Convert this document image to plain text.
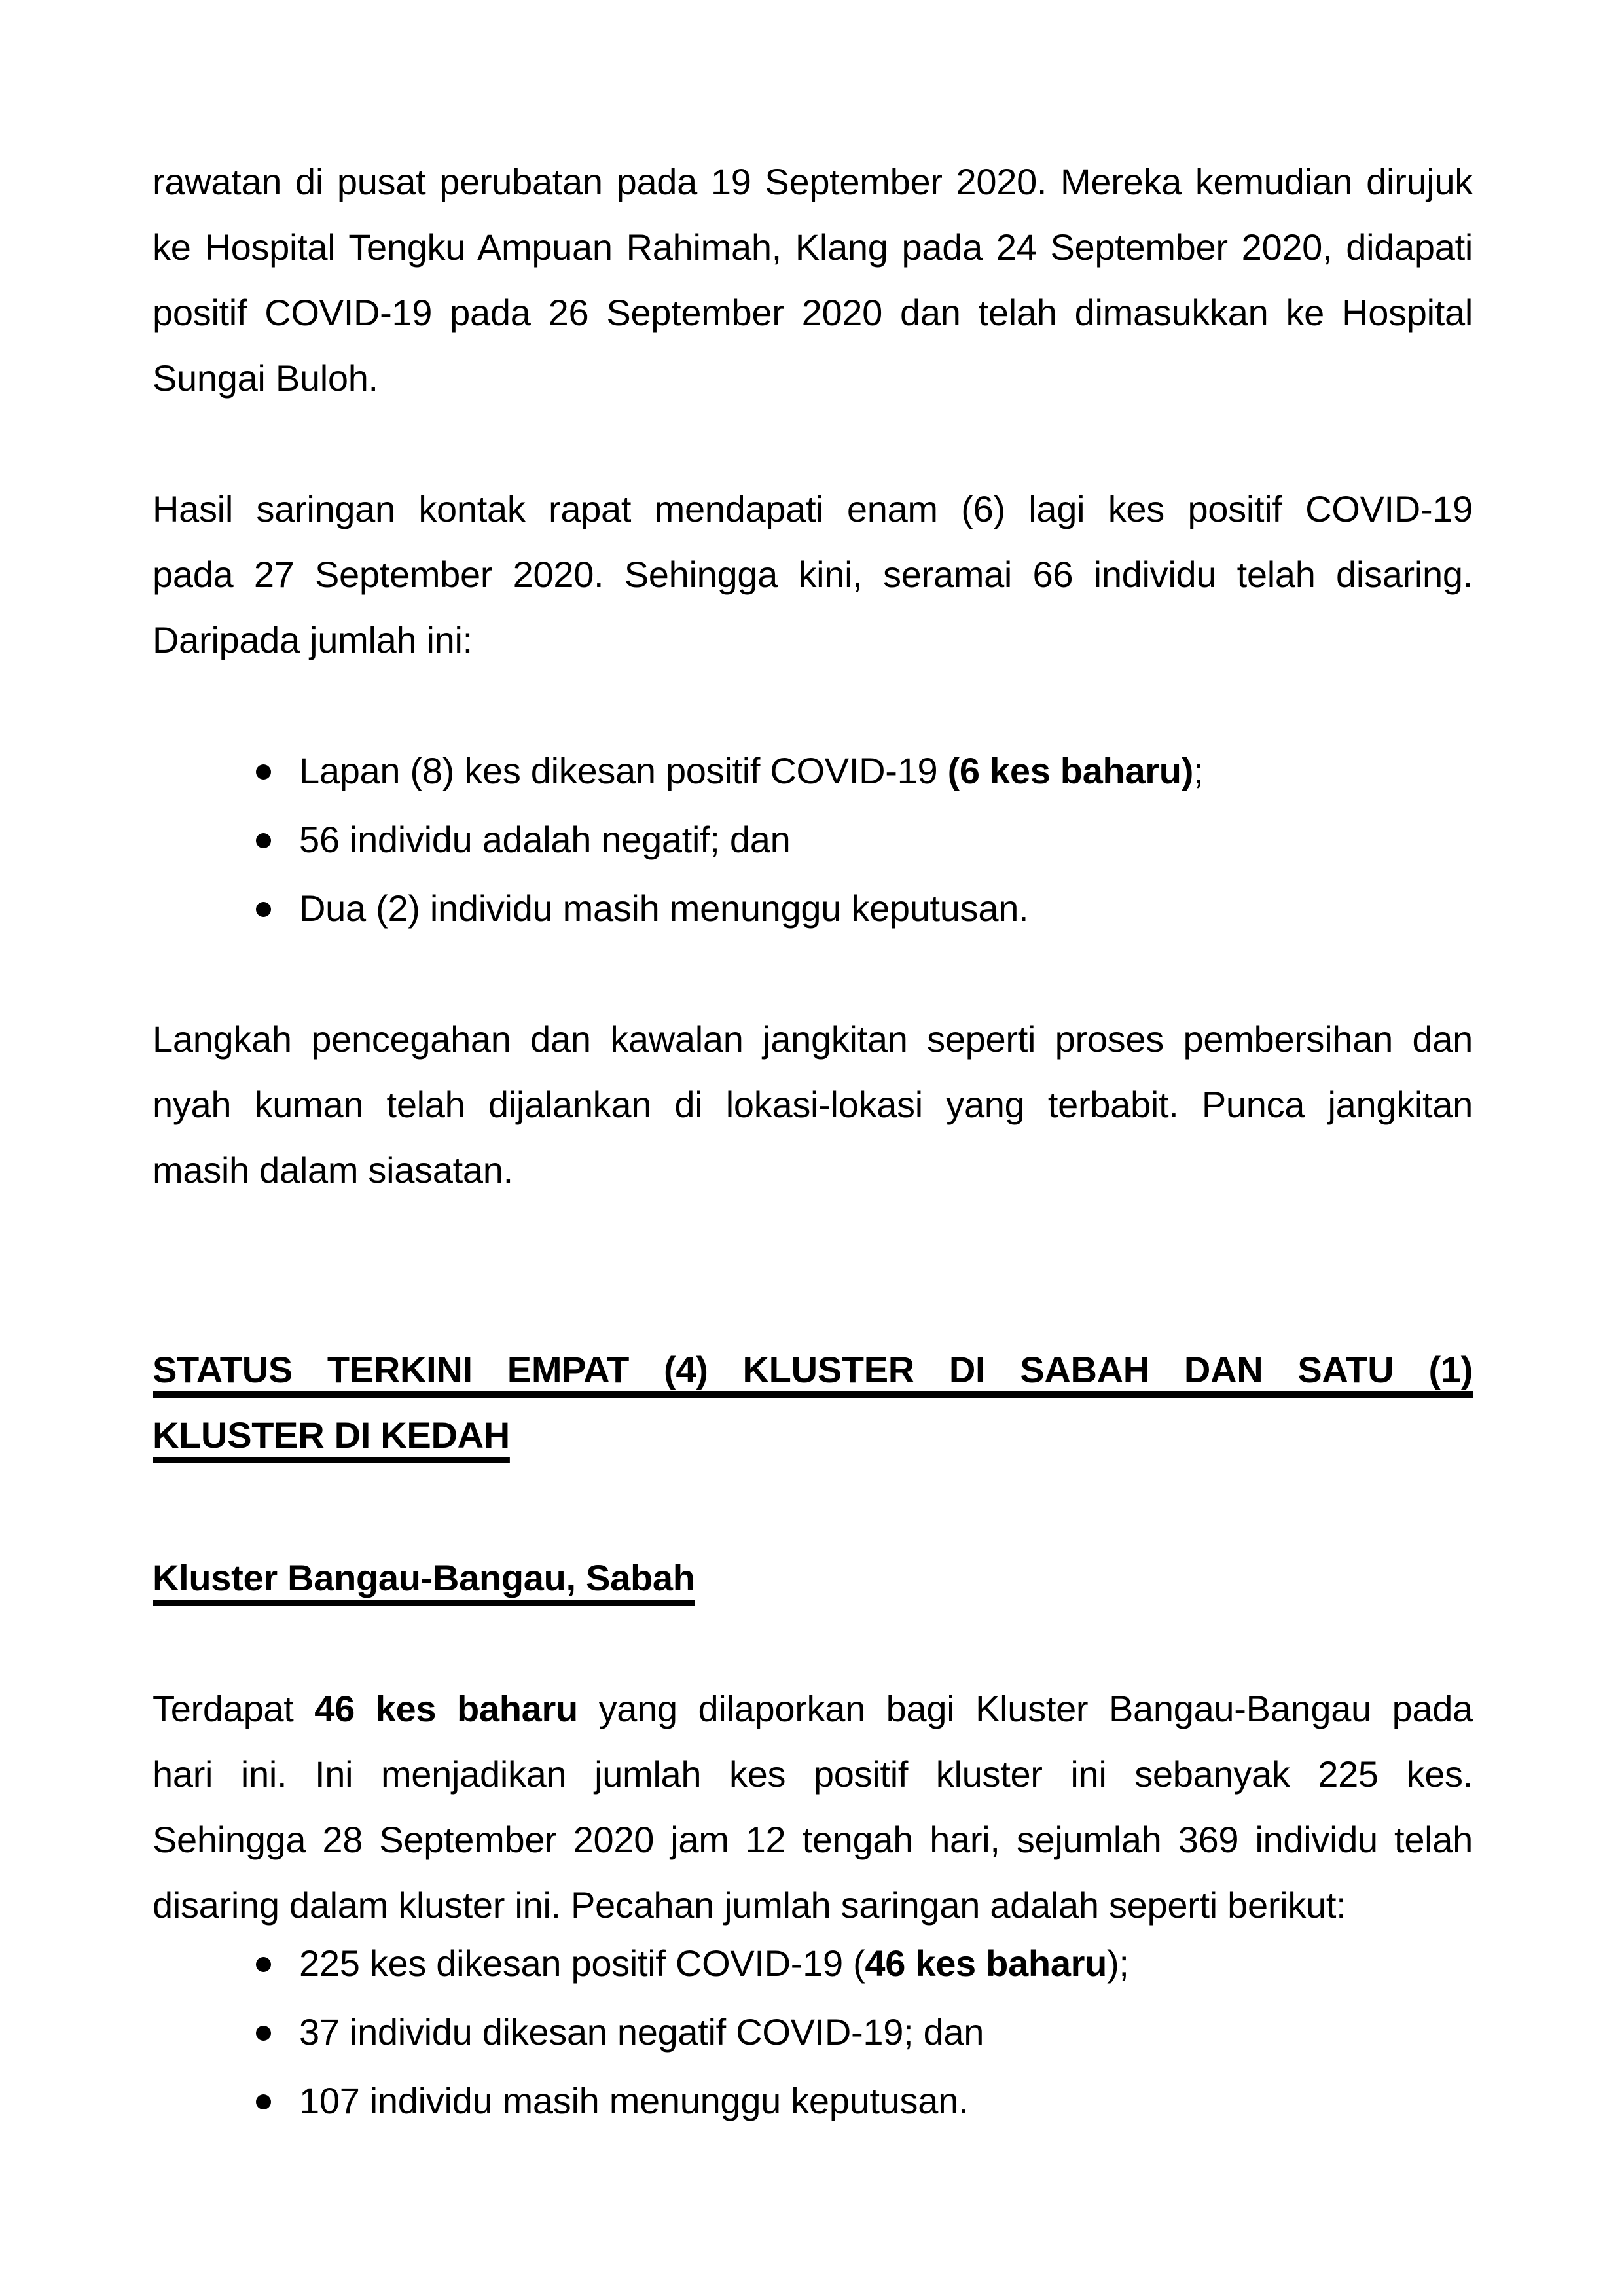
rawatan di pusat perubatan pada 19 September 2020. Mereka kemudian dirujuk
ke Hospital Tengku Ampuan Rahimah, Klang pada 24 September 2020, didapati
positif COVID-19 pada 26 September 2020 dan telah dimasukkan ke Hospital
Sungai Buloh.
Hasil saringan kontak rapat mendapati enam (6) lagi kes positif COVID-19
pada 27 September 2020. Sehingga kini, seramai 66 individu telah disaring.
Daripada jumlah ini:
Lapan (8) kes dikesan positif COVID-19 (6 kes baharu);
56 individu adalah negatif; dan
Dua (2) individu masih menunggu keputusan.
Langkah pencegahan dan kawalan jangkitan seperti proses pembersihan dan
nyah kuman telah dijalankan di lokasi-lokasi yang terbabit. Punca jangkitan
masih dalam siasatan.
STATUS TERKINI EMPAT (4) KLUSTER DI SABAH DAN SATU (1)
KLUSTER DI KEDAH
Kluster Bangau-Bangau, Sabah
Terdapat 46 kes baharu yang dilaporkan bagi Kluster Bangau-Bangau pada
hari ini. Ini menjadikan jumlah kes positif kluster ini sebanyak 225 kes.
Sehingga 28 September 2020 jam 12 tengah hari, sejumlah 369 individu telah
disaring dalam kluster ini. Pecahan jumlah saringan adalah seperti berikut:
225 kes dikesan positif COVID-19 (46 kes baharu);
37 individu dikesan negatif COVID-19; dan
107 individu masih menunggu keputusan.
